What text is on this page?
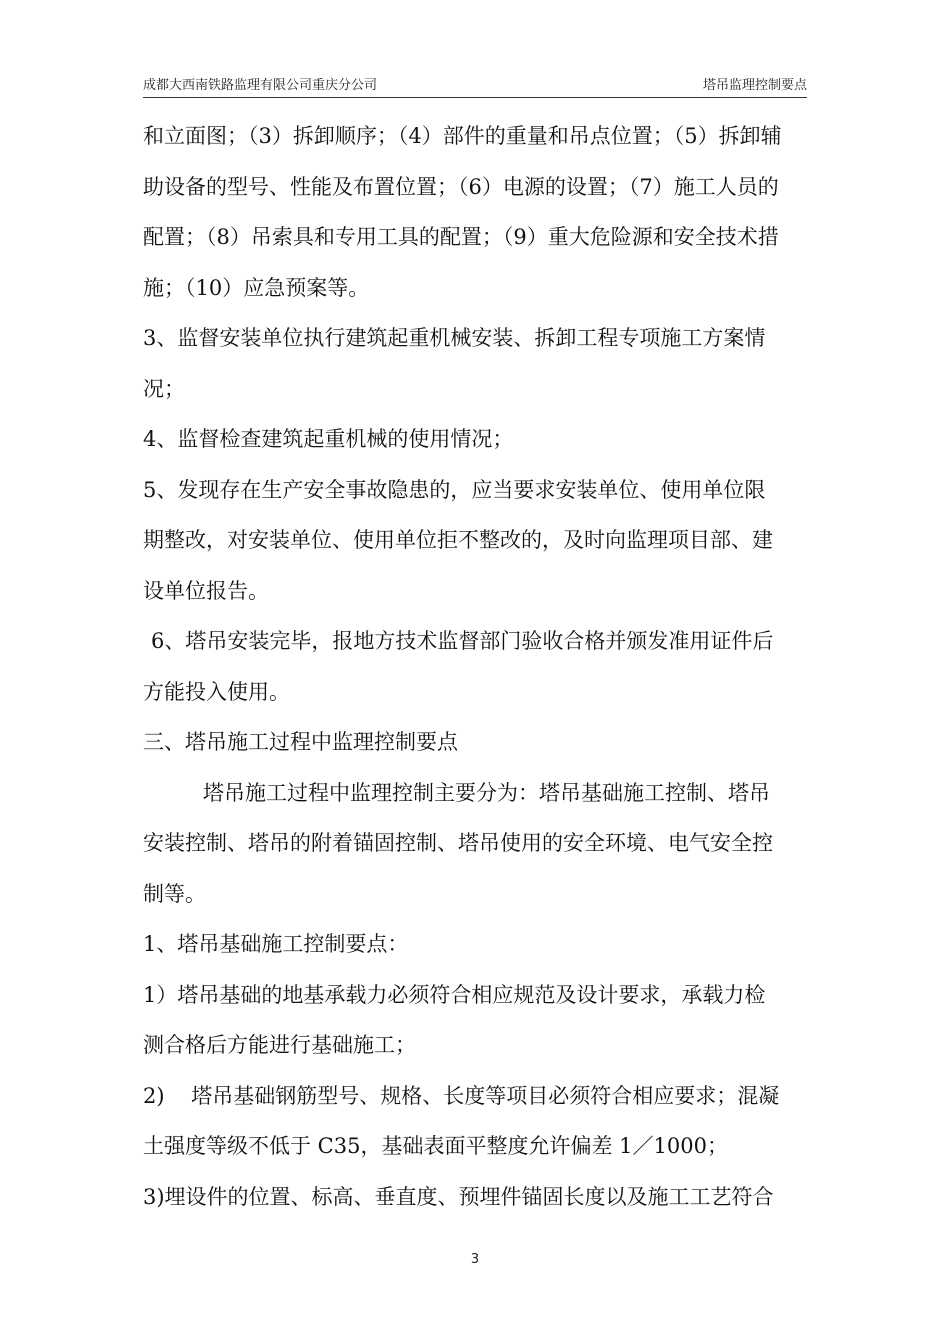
成都大西南铁路监理有限公司重庆分公司	塔吊监理控制要点
和立面图；（3）拆卸顺序；（4）部件的重量和吊点位置；（5）拆卸辅
助设备的型号、性能及布置位置；（6）电源的设置；（7）施工人员的
配置；（8）吊索具和专用工具的配置；（9）重大危险源和安全技术措
施；（10）应急预案等。
3、监督安装单位执行建筑起重机械安装、拆卸工程专项施工方案情
况；
4、监督检查建筑起重机械的使用情况；
5、发现存在生产安全事故隐患的，应当要求安装单位、使用单位限
期整改，对安装单位、使用单位拒不整改的，及时向监理项目部、建
设单位报告。
6、塔吊安装完毕，报地方技术监督部门验收合格并颁发准用证件后
方能投入使用。
三、塔吊施工过程中监理控制要点
塔吊施工过程中监理控制主要分为：塔吊基础施工控制、塔吊
安装控制、塔吊的附着锚固控制、塔吊使用的安全环境、电气安全控
制等。
1、塔吊基础施工控制要点：
1）塔吊基础的地基承载力必须符合相应规范及设计要求，承载力检
测合格后方能进行基础施工；
2)    塔吊基础钢筋型号、规格、长度等项目必须符合相应要求；混凝
土强度等级不低于 C35，基础表面平整度允许偏差 1／1000；
3)埋设件的位置、标高、垂直度、预埋件锚固长度以及施工工艺符合
3
